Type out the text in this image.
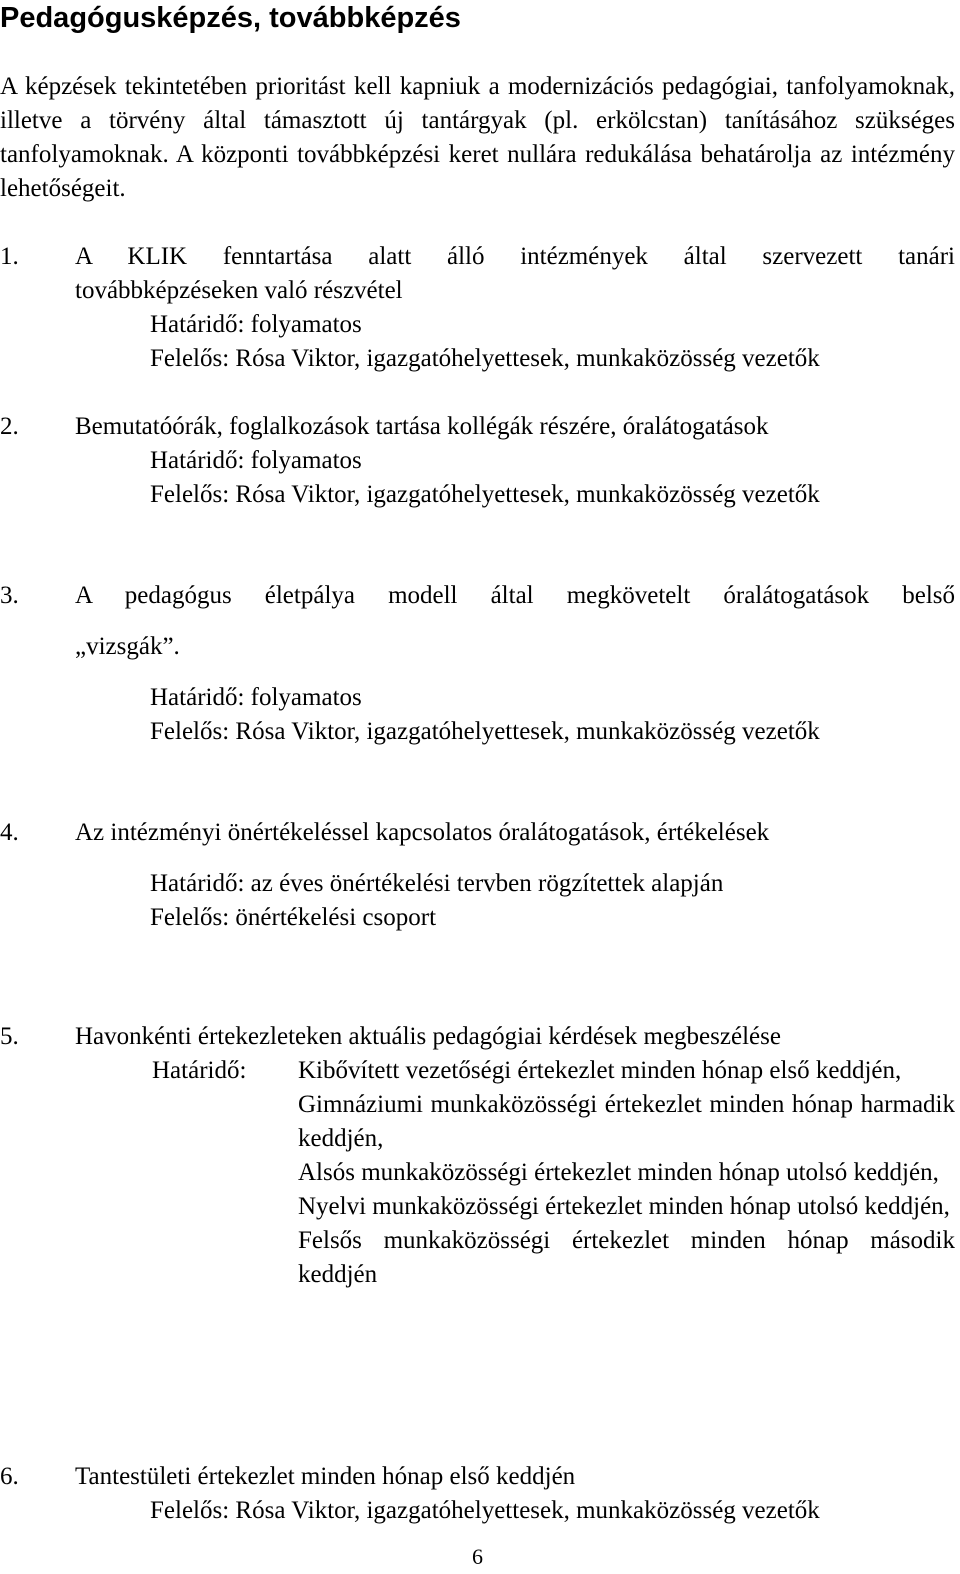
Pedagógusképzés, továbbképzés

A képzések tekintetében prioritást kell kapniuk a modernizációs pedagógiai, tanfolyamoknak, illetve a törvény által támasztott új tantárgyak (pl. erkölcstan) tanításához szükséges tanfolyamoknak. A központi továbbképzési keret nullára redukálása behatárolja az intézmény lehetőségeit.

1. A KLIK fenntartása alatt álló intézmények által szervezett tanári
továbbképzéseken való részvétel
Határidő: folyamatos
Felelős: Rósa Viktor, igazgatóhelyettesek, munkaközösség vezetők
2. Bemutatóórák, foglalkozások tartása kollégák részére, óralátogatások
Határidő: folyamatos
Felelős: Rósa Viktor, igazgatóhelyettesek, munkaközösség vezetők
3. A pedagógus életpálya modell által megkövetelt óralátogatások belső
„vizsgák”.
Határidő: folyamatos
Felelős: Rósa Viktor, igazgatóhelyettesek, munkaközösség vezetők
4. Az intézményi önértékeléssel kapcsolatos óralátogatások, értékelések
Határidő: az éves önértékelési tervben rögzítettek alapján
Felelős: önértékelési csoport
5. Havonkénti értekezleteken aktuális pedagógiai kérdések megbeszélése
Határidő: Kibővített vezetőségi értekezlet minden hónap első keddjén,
Gimnáziumi munkaközösségi értekezlet minden hónap harmadik keddjén,
Alsós munkaközösségi értekezlet minden hónap utolsó keddjén,
Nyelvi munkaközösségi értekezlet minden hónap utolsó keddjén,
Felsős munkaközösségi értekezlet minden hónap második keddjén
6. Tantestületi értekezlet minden hónap első keddjén
Felelős: Rósa Viktor, igazgatóhelyettesek, munkaközösség vezetők
6
